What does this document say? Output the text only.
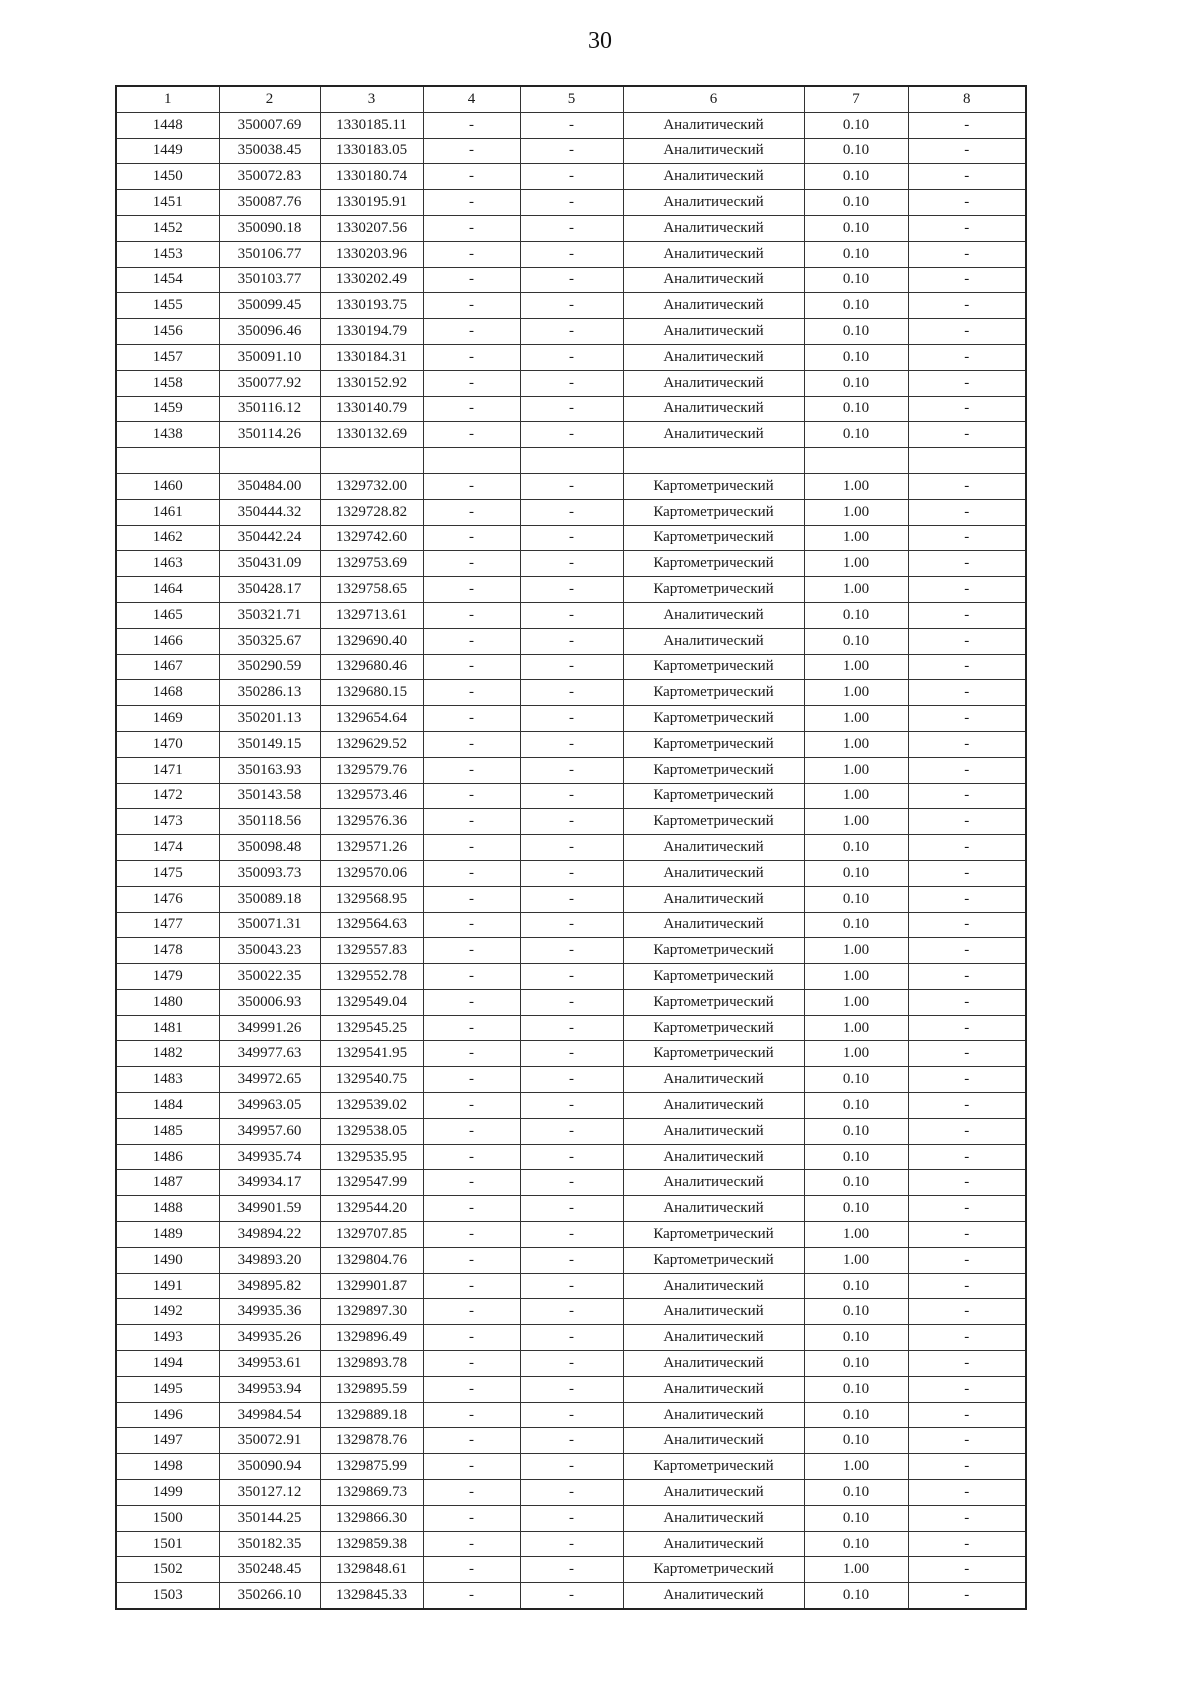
30
1	2	3	4	5	6	7	8
1448	350007.69	1330185.11	-	-	Аналитический	0.10	-
1449	350038.45	1330183.05	-	-	Аналитический	0.10	-
1450	350072.83	1330180.74	-	-	Аналитический	0.10	-
1451	350087.76	1330195.91	-	-	Аналитический	0.10	-
1452	350090.18	1330207.56	-	-	Аналитический	0.10	-
1453	350106.77	1330203.96	-	-	Аналитический	0.10	-
1454	350103.77	1330202.49	-	-	Аналитический	0.10	-
1455	350099.45	1330193.75	-	-	Аналитический	0.10	-
1456	350096.46	1330194.79	-	-	Аналитический	0.10	-
1457	350091.10	1330184.31	-	-	Аналитический	0.10	-
1458	350077.92	1330152.92	-	-	Аналитический	0.10	-
1459	350116.12	1330140.79	-	-	Аналитический	0.10	-
1438	350114.26	1330132.69	-	-	Аналитический	0.10	-

1460	350484.00	1329732.00	-	-	Картометрический	1.00	-
1461	350444.32	1329728.82	-	-	Картометрический	1.00	-
1462	350442.24	1329742.60	-	-	Картометрический	1.00	-
1463	350431.09	1329753.69	-	-	Картометрический	1.00	-
1464	350428.17	1329758.65	-	-	Картометрический	1.00	-
1465	350321.71	1329713.61	-	-	Аналитический	0.10	-
1466	350325.67	1329690.40	-	-	Аналитический	0.10	-
1467	350290.59	1329680.46	-	-	Картометрический	1.00	-
1468	350286.13	1329680.15	-	-	Картометрический	1.00	-
1469	350201.13	1329654.64	-	-	Картометрический	1.00	-
1470	350149.15	1329629.52	-	-	Картометрический	1.00	-
1471	350163.93	1329579.76	-	-	Картометрический	1.00	-
1472	350143.58	1329573.46	-	-	Картометрический	1.00	-
1473	350118.56	1329576.36	-	-	Картометрический	1.00	-
1474	350098.48	1329571.26	-	-	Аналитический	0.10	-
1475	350093.73	1329570.06	-	-	Аналитический	0.10	-
1476	350089.18	1329568.95	-	-	Аналитический	0.10	-
1477	350071.31	1329564.63	-	-	Аналитический	0.10	-
1478	350043.23	1329557.83	-	-	Картометрический	1.00	-
1479	350022.35	1329552.78	-	-	Картометрический	1.00	-
1480	350006.93	1329549.04	-	-	Картометрический	1.00	-
1481	349991.26	1329545.25	-	-	Картометрический	1.00	-
1482	349977.63	1329541.95	-	-	Картометрический	1.00	-
1483	349972.65	1329540.75	-	-	Аналитический	0.10	-
1484	349963.05	1329539.02	-	-	Аналитический	0.10	-
1485	349957.60	1329538.05	-	-	Аналитический	0.10	-
1486	349935.74	1329535.95	-	-	Аналитический	0.10	-
1487	349934.17	1329547.99	-	-	Аналитический	0.10	-
1488	349901.59	1329544.20	-	-	Аналитический	0.10	-
1489	349894.22	1329707.85	-	-	Картометрический	1.00	-
1490	349893.20	1329804.76	-	-	Картометрический	1.00	-
1491	349895.82	1329901.87	-	-	Аналитический	0.10	-
1492	349935.36	1329897.30	-	-	Аналитический	0.10	-
1493	349935.26	1329896.49	-	-	Аналитический	0.10	-
1494	349953.61	1329893.78	-	-	Аналитический	0.10	-
1495	349953.94	1329895.59	-	-	Аналитический	0.10	-
1496	349984.54	1329889.18	-	-	Аналитический	0.10	-
1497	350072.91	1329878.76	-	-	Аналитический	0.10	-
1498	350090.94	1329875.99	-	-	Картометрический	1.00	-
1499	350127.12	1329869.73	-	-	Аналитический	0.10	-
1500	350144.25	1329866.30	-	-	Аналитический	0.10	-
1501	350182.35	1329859.38	-	-	Аналитический	0.10	-
1502	350248.45	1329848.61	-	-	Картометрический	1.00	-
1503	350266.10	1329845.33	-	-	Аналитический	0.10	-
